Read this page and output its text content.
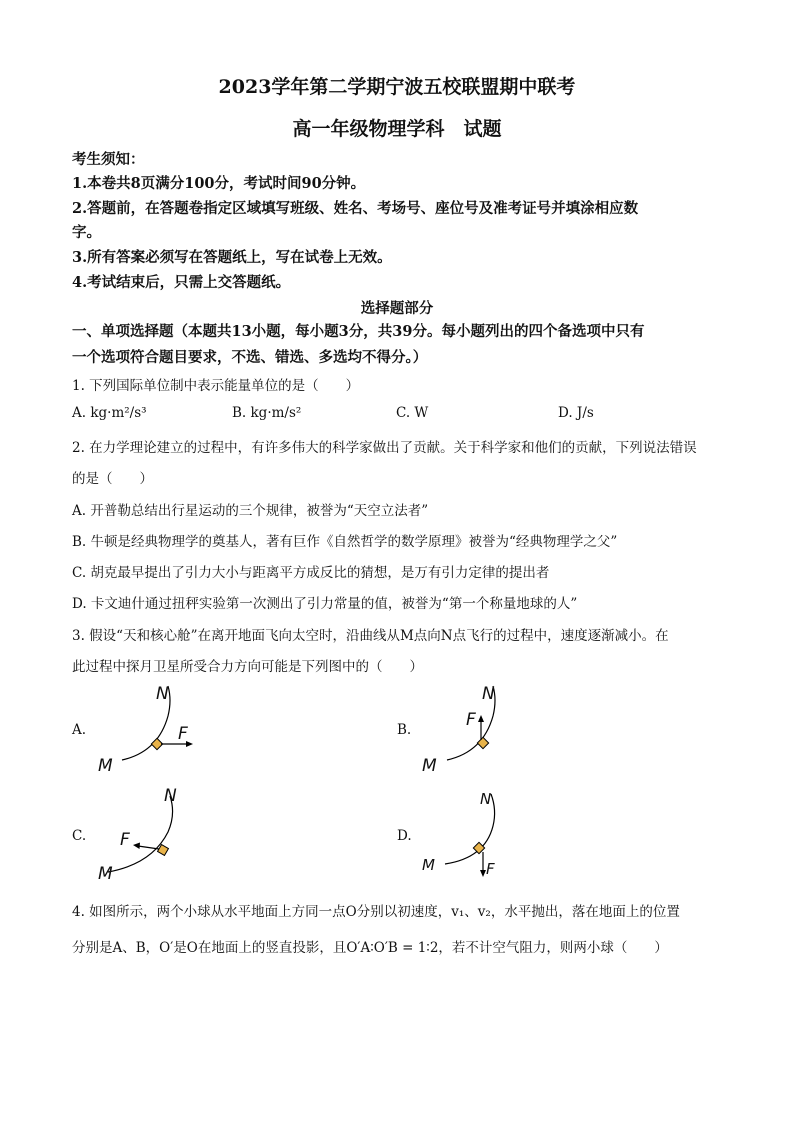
2023学年第二学期宁波五校联盟期中联考
高一年级物理学科　试题
考生须知：
1.本卷共8页满分100分，考试时间90分钟。
2.答题前，在答题卷指定区域填写班级、姓名、考场号、座位号及准考证号并填涂相应数
字。
3.所有答案必须写在答题纸上，写在试卷上无效。
4.考试结束后，只需上交答题纸。
选择题部分
一、单项选择题（本题共13小题，每小题3分，共39分。每小题列出的四个备选项中只有
一个选项符合题目要求，不选、错选、多选均不得分。）
1. 下列国际单位制中表示能量单位的是（　　）
A. kg·m²/s³	B. kg·m/s²	C. W	D. J/s
2. 在力学理论建立的过程中，有许多伟大的科学家做出了贡献。关于科学家和他们的贡献，下列说法错误
的是（　　）
A. 开普勒总结出行星运动的三个规律，被誉为“天空立法者”
B. 牛顿是经典物理学的奠基人，著有巨作《自然哲学的数学原理》被誉为“经典物理学之父”
C. 胡克最早提出了引力大小与距离平方成反比的猜想，是万有引力定律的提出者
D. 卡文迪什通过扭秤实验第一次测出了引力常量的值，被誉为“第一个称量地球的人”
3. 假设“天和核心舱”在离开地面飞向太空时，沿曲线从M点向N点飞行的过程中，速度逐渐减小。在
此过程中探月卫星所受合力方向可能是下列图中的（　　）
A.
N
M
F	B.
N
M
F
C.
N
M
F	D.
N
M	F
4. 如图所示，两个小球从水平地面上方同一点O分别以初速度，v₁、v₂，水平抛出，落在地面上的位置
分别是A、B，O′是O在地面上的竖直投影，且O′A∶O′B = 1∶2，若不计空气阻力，则两小球（　　）
